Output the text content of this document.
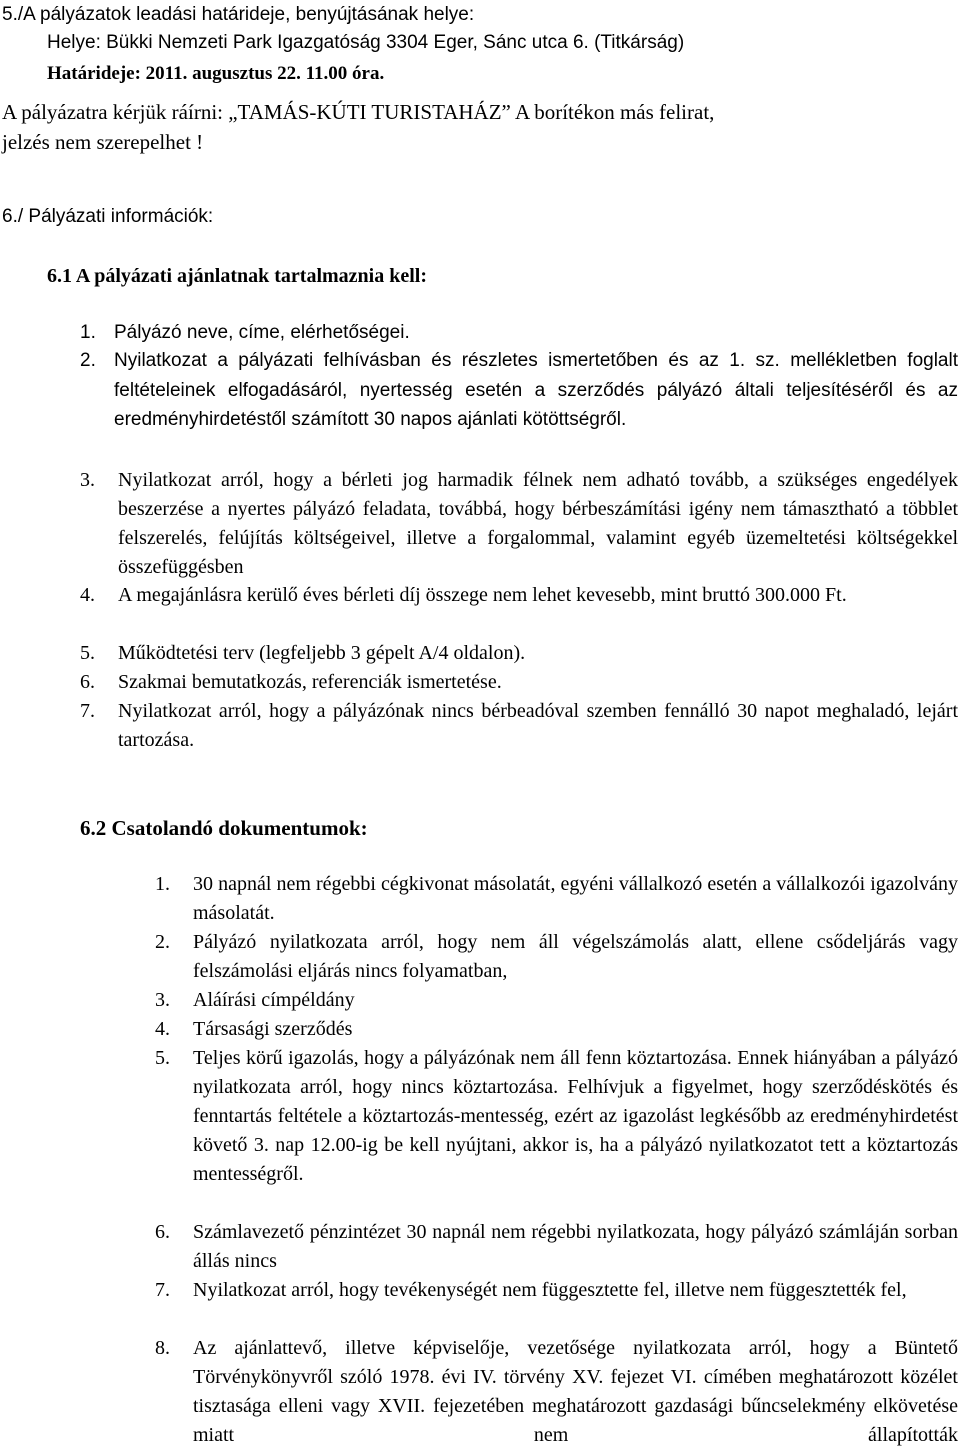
5./A pályázatok leadási határideje, benyújtásának helye:
Helye: Bükki Nemzeti Park Igazgatóság 3304 Eger, Sánc utca 6. (Titkárság)
Határideje: 2011. augusztus 22. 11.00 óra.
A pályázatra kérjük ráírni: „TAMÁS-KÚTI TURISTAHÁZ” A borítékon más felirat,
jelzés nem szerepelhet !
6./ Pályázati információk:
6.1 A pályázati ajánlatnak tartalmaznia kell:
1. Pályázó neve, címe, elérhetőségei.
2. Nyilatkozat a pályázati felhívásban és részletes ismertetőben és az 1. sz. mellékletben foglalt feltételeinek elfogadásáról, nyertesség esetén a szerződés pályázó általi teljesítéséről és az eredményhirdetéstől számított 30 napos ajánlati kötöttségről.
3.	Nyilatkozat arról, hogy a bérleti jog harmadik félnek nem adható tovább, a szükséges engedélyek beszerzése a nyertes pályázó feladata, továbbá, hogy bérbeszámítási igény nem támasztható a többlet felszerelés, felújítás költségeivel, illetve a forgalommal, valamint egyéb üzemeltetési költségekkel összefüggésben
4.	A megajánlásra kerülő éves bérleti díj összege nem lehet kevesebb, mint bruttó 300.000 Ft.
5.	Működtetési terv (legfeljebb 3 gépelt A/4 oldalon).
6.	Szakmai bemutatkozás, referenciák ismertetése.
7.	Nyilatkozat arról, hogy a pályázónak nincs bérbeadóval szemben fennálló 30 napot meghaladó, lejárt tartozása.
6.2 Csatolandó dokumentumok:
1.	30 napnál nem régebbi cégkivonat másolatát, egyéni vállalkozó esetén a vállalkozói igazolvány másolatát.
2.	Pályázó nyilatkozata arról, hogy nem áll végelszámolás alatt, ellene csődeljárás vagy felszámolási eljárás nincs folyamatban,
3.	Aláírási címpéldány
4.	Társasági szerződés
5.	Teljes körű igazolás, hogy a pályázónak nem áll fenn köztartozása. Ennek hiányában a pályázó nyilatkozata arról, hogy nincs köztartozása. Felhívjuk a figyelmet, hogy szerződéskötés és fenntartás feltétele a köztartozás-mentesség, ezért az igazolást legkésőbb az eredményhirdetést követő 3. nap 12.00-ig be kell nyújtani, akkor is, ha a pályázó nyilatkozatot tett a köztartozás mentességről.
6.	Számlavezető pénzintézet 30 napnál nem régebbi nyilatkozata, hogy pályázó számláján sorban állás nincs
7.	Nyilatkozat arról, hogy tevékenységét nem függesztette fel, illetve nem függesztették fel,
8.	Az ajánlattevő, illetve képviselője, vezetősége nyilatkozata arról, hogy a Büntető Törvénykönyvről szóló 1978. évi IV. törvény XV. fejezet VI. címében meghatározott közélet tisztasága elleni vagy XVII. fejezetében meghatározott gazdasági bűncselekmény elkövetése miatt nem állapították
